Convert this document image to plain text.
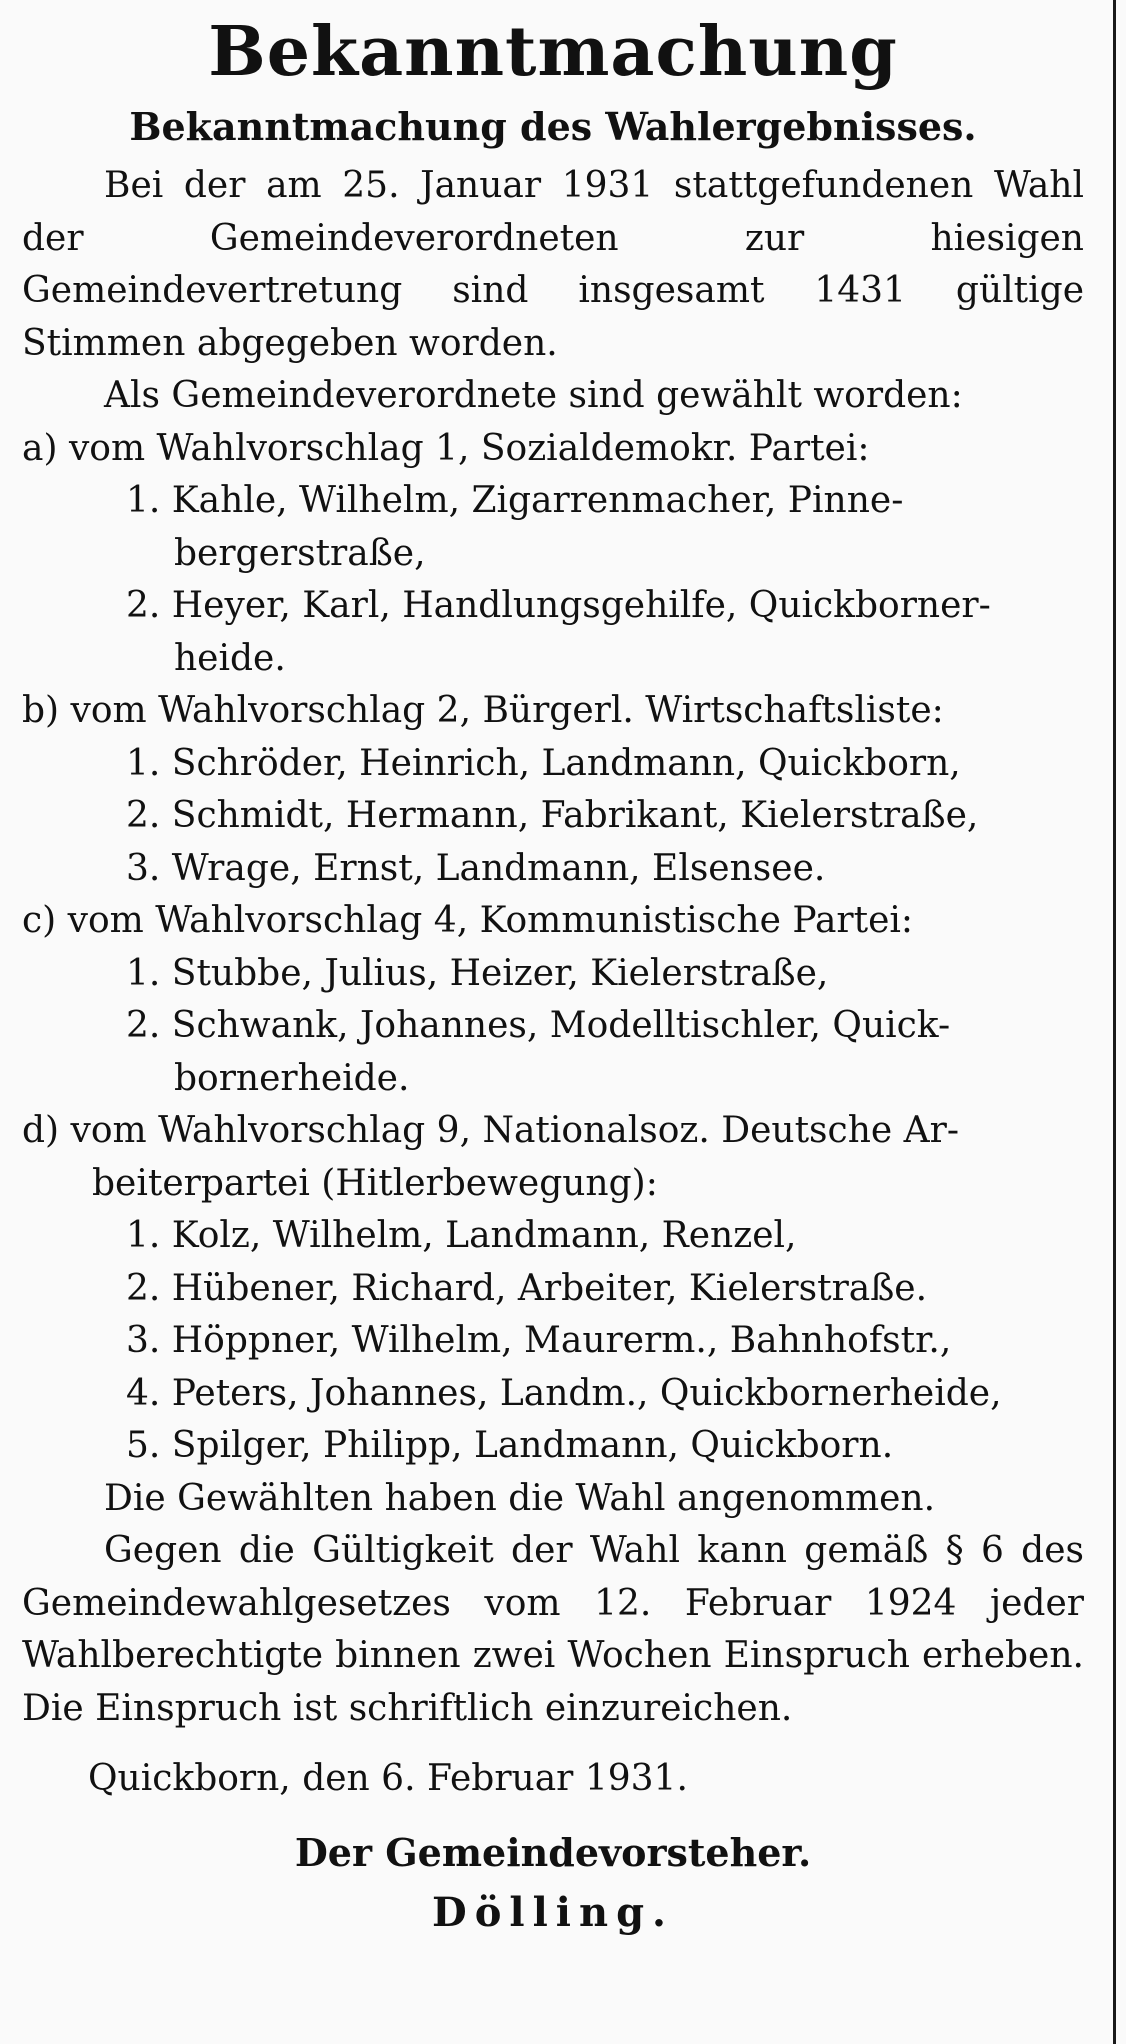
Bekanntmachung
Bekanntmachung des Wahlergebnisses.

Bei der am 25. Januar 1931 stattgefundenen Wahl der Gemeindeverordneten zur hiesigen Gemeindevertretung sind insgesamt 1431 gültige Stimmen abgegeben worden.

Als Gemeindeverordnete sind gewählt worden:

a) vom Wahlvorschlag 1, Sozialdemokr. Partei:

1. Kahle, Wilhelm, Zigarrenmacher, Pinne-

bergerstraße,

2. Heyer, Karl, Handlungsgehilfe, Quickborner-

heide.

b) vom Wahlvorschlag 2, Bürgerl. Wirtschaftsliste:

1. Schröder, Heinrich, Landmann, Quickborn,

2. Schmidt, Hermann, Fabrikant, Kielerstraße,

3. Wrage, Ernst, Landmann, Elsensee.

c) vom Wahlvorschlag 4, Kommunistische Partei:

1. Stubbe, Julius, Heizer, Kielerstraße,

2. Schwank, Johannes, Modelltischler, Quick-

bornerheide.

d) vom Wahlvorschlag 9, Nationalsoz. Deutsche Ar-

beiterpartei (Hitlerbewegung):

1. Kolz, Wilhelm, Landmann, Renzel,

2. Hübener, Richard, Arbeiter, Kielerstraße.

3. Höppner, Wilhelm, Maurerm., Bahnhofstr.,

4. Peters, Johannes, Landm., Quickbornerheide,

5. Spilger, Philipp, Landmann, Quickborn.

Die Gewählten haben die Wahl angenommen.

Gegen die Gültigkeit der Wahl kann gemäß § 6 des Gemeindewahlgesetzes vom 12. Februar 1924 jeder Wahlberechtigte binnen zwei Wochen Einspruch erheben. Die Einspruch ist schriftlich einzureichen.

Quickborn, den 6. Februar 1931.

Der Gemeindevorsteher.

Dölling.
